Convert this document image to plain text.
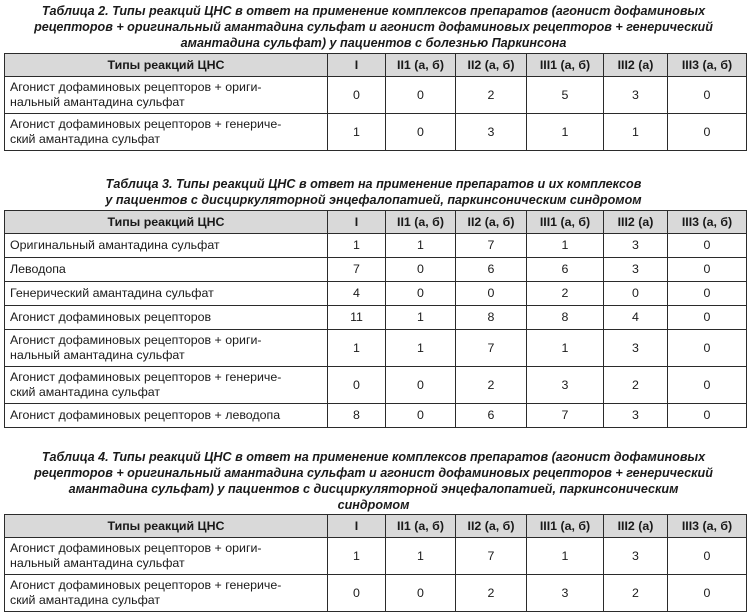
Таблица 2. Типы реакций ЦНС в ответ на применение комплексов препаратов (агонист дофаминовых
рецепторов + оригинальный амантадина сульфат и агонист дофаминовых рецепторов + генерический
амантадина сульфат) у пациентов с болезнью Паркинсона
Типы реакций ЦНС	I	II1 (а, б)	II2 (а, б)	III1 (а, б)	III2 (а)	III3 (а, б)
Агонист дофаминовых рецепторов + ориги-
нальный амантадина сульфат	0	0	2	5	3	0
Агонист дофаминовых рецепторов + генериче-
ский амантадина сульфат	1	0	3	1	1	0
Таблица 3. Типы реакций ЦНС в ответ на применение препаратов и их комплексов
у пациентов с дисциркуляторной энцефалопатией, паркинсоническим синдромом
Типы реакций ЦНС	I	II1 (а, б)	II2 (а, б)	III1 (а, б)	III2 (а)	III3 (а, б)
Оригинальный амантадина сульфат	1	1	7	1	3	0
Леводопа	7	0	6	6	3	0
Генерический амантадина сульфат	4	0	0	2	0	0
Агонист дофаминовых рецепторов	11	1	8	8	4	0
Агонист дофаминовых рецепторов + ориги-
нальный амантадина сульфат	1	1	7	1	3	0
Агонист дофаминовых рецепторов + генериче-
ский амантадина сульфат	0	0	2	3	2	0
Агонист дофаминовых рецепторов + леводопа	8	0	6	7	3	0
Таблица 4. Типы реакций ЦНС в ответ на применение комплексов препаратов (агонист дофаминовых
рецепторов + оригинальный амантадина сульфат и агонист дофаминовых рецепторов + генерический
амантадина сульфат) у пациентов с дисциркуляторной энцефалопатией, паркинсоническим
синдромом
Типы реакций ЦНС	I	II1 (а, б)	II2 (а, б)	III1 (а, б)	III2 (а)	III3 (а, б)
Агонист дофаминовых рецепторов + ориги-
нальный амантадина сульфат	1	1	7	1	3	0
Агонист дофаминовых рецепторов + генериче-
ский амантадина сульфат	0	0	2	3	2	0
